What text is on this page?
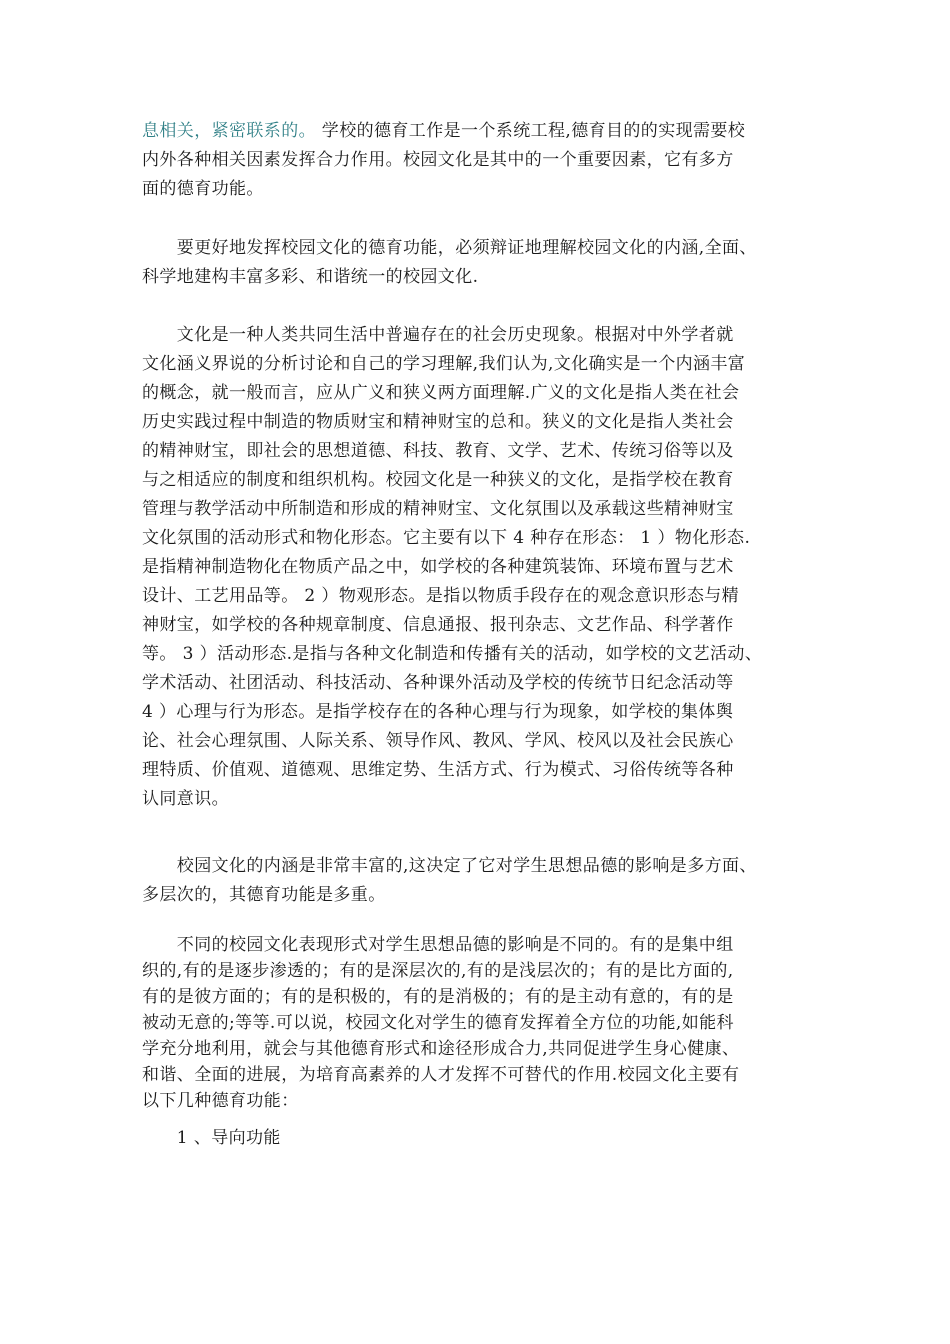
息相关，紧密联系的。 学校的德育工作是一个系统工程,德育目的的实现需要校
内外各种相关因素发挥合力作用。校园文化是其中的一个重要因素，它有多方
面的德育功能。
　　要更好地发挥校园文化的德育功能，必须辩证地理解校园文化的内涵,全面、
科学地建构丰富多彩、和谐统一的校园文化.
　　文化是一种人类共同生活中普遍存在的社会历史现象。根据对中外学者就
文化涵义界说的分析讨论和自己的学习理解,我们认为,文化确实是一个内涵丰富
的概念，就一般而言，应从广义和狭义两方面理解.广义的文化是指人类在社会
历史实践过程中制造的物质财宝和精神财宝的总和。狭义的文化是指人类社会
的精神财宝，即社会的思想道德、科技、教育、文学、艺术、传统习俗等以及
与之相适应的制度和组织机构。校园文化是一种狭义的文化，是指学校在教育
管理与教学活动中所制造和形成的精神财宝、文化氛围以及承载这些精神财宝
文化氛围的活动形式和物化形态。它主要有以下 4 种存在形态： 1 ）物化形态.
是指精神制造物化在物质产品之中，如学校的各种建筑装饰、环境布置与艺术
设计、工艺用品等。 2 ）物观形态。是指以物质手段存在的观念意识形态与精
神财宝，如学校的各种规章制度、信息通报、报刊杂志、文艺作品、科学著作
等。 3 ）活动形态.是指与各种文化制造和传播有关的活动，如学校的文艺活动、
学术活动、社团活动、科技活动、各种课外活动及学校的传统节日纪念活动等
4 ）心理与行为形态。是指学校存在的各种心理与行为现象，如学校的集体舆
论、社会心理氛围、人际关系、领导作风、教风、学风、校风以及社会民族心
理特质、价值观、道德观、思维定势、生活方式、行为模式、习俗传统等各种
认同意识。
　　校园文化的内涵是非常丰富的,这决定了它对学生思想品德的影响是多方面、
多层次的，其德育功能是多重。
　　不同的校园文化表现形式对学生思想品德的影响是不同的。有的是集中组
织的,有的是逐步渗透的；有的是深层次的,有的是浅层次的；有的是比方面的,
有的是彼方面的；有的是积极的，有的是消极的；有的是主动有意的，有的是
被动无意的;等等.可以说，校园文化对学生的德育发挥着全方位的功能,如能科
学充分地利用，就会与其他德育形式和途径形成合力,共同促进学生身心健康、
和谐、全面的进展，为培育高素养的人才发挥不可替代的作用.校园文化主要有
以下几种德育功能：
　　1 、导向功能
